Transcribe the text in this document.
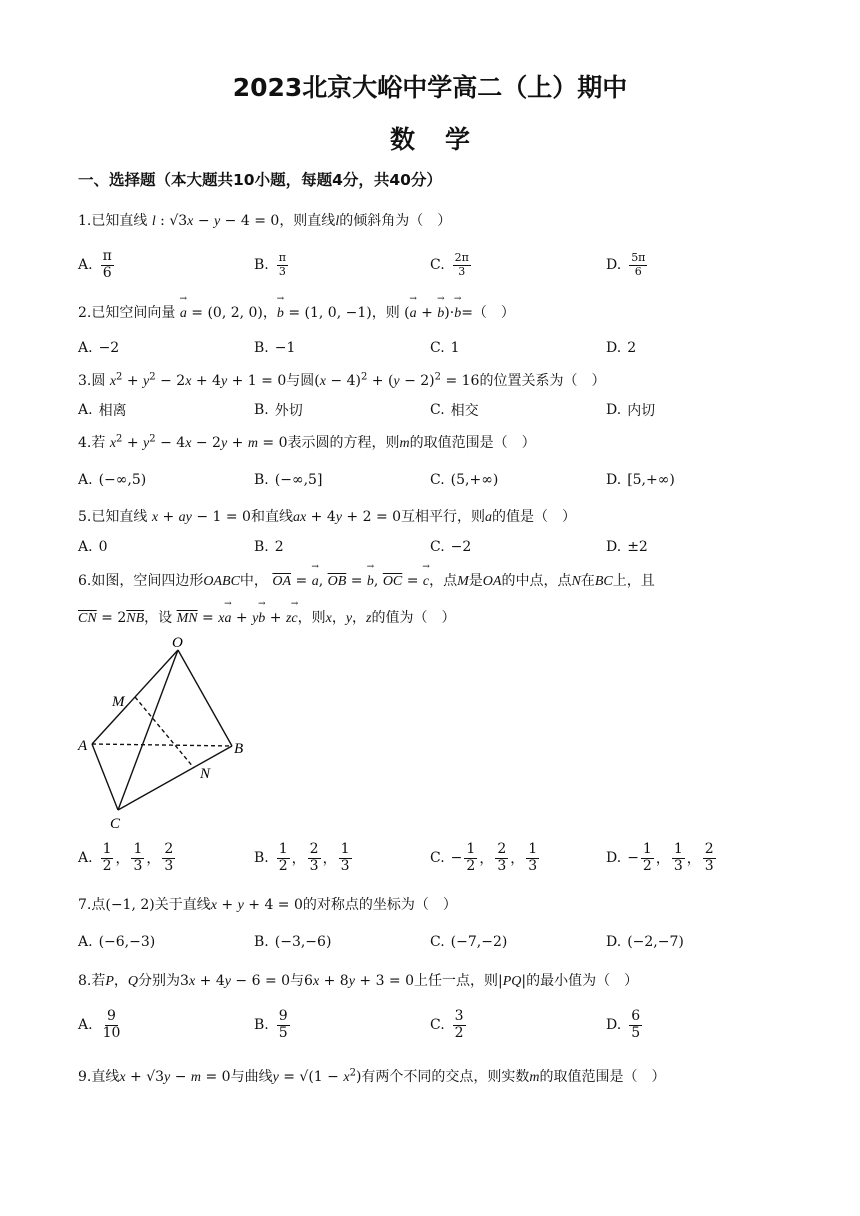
2023北京大峪中学高二（上）期中
数学
一、选择题（本大题共10小题，每题4分，共40分）
1.已知直线 l : √3x − y − 4 = 0，则直线l的倾斜角为（　）
A. $\frac{\pi}{6}$	B. $\frac{\pi}{3}$	C. $\frac{2\pi}{3}$	D. $\frac{5\pi}{6}$
2.已知空间向量 → a = (0, 2, 0)，→ b = (1, 0, −1)，则 (→ a + → b)·→ b=（　）
A. −2	B. −1	C. 1	D. 2
3.圆 $x^2 + y^2 - 2x + 4y + 1 = 0$与圆$(x - 4)^2 + (y - 2)^2 = 16$的位置关系为（　）
A. 相离	B. 外切	C. 相交	D. 内切
4.若 $x^2 + y^2 - 4x - 2y + m = 0$表示圆的方程，则m的取值范围是（　）
A. (−∞,5)	B. (−∞,5]	C. (5,+∞)	D. [5,+∞)
5.已知直线 x + ay − 1 = 0和直线ax + 4y + 2 = 0互相平行，则a的值是（　）
A. 0	B. 2	C. −2	D. ±2
6.如图，空间四边形OABC中， $\overline{OA}$ = → a, $\overline{OB}$ = → b, $\overline{OC}$ = → c，点M是OA的中点，点N在BC上，且
$\overline{CN} = 2\overline{NB}$，设 $\overline{MN} = x\to a + y\to b + z\to c$，则x，y，z的值为（　）
O
M
A	B
N
C
A. $\frac{1}{2}$ ， $\frac{1}{3}$ ， $\frac{2}{3}$	B. $\frac{1}{2}$ ， $\frac{2}{3}$ ， $\frac{1}{3}$	C. − $\frac{1}{2}$ ， $\frac{2}{3}$ ， $\frac{1}{3}$	D. − $\frac{1}{2}$ ， $\frac{1}{3}$ ， $\frac{2}{3}$
7.点(−1, 2)关于直线x + y + 4 = 0的对称点的坐标为（　）
A. (−6,−3)	B. (−3,−6)	C. (−7,−2)	D. (−2,−7)
8.若P，Q分别为3x + 4y − 6 = 0与6x + 8y + 3 = 0上任一点，则|PQ|的最小值为（　）
A. $\frac{9}{10}$	B. $\frac{9}{5}$	C. $\frac{3}{2}$	D. $\frac{6}{5}$
9.直线x + √3y − m = 0与曲线$y = √(1 - x^2)$有两个不同的交点，则实数m的取值范围是（　）
